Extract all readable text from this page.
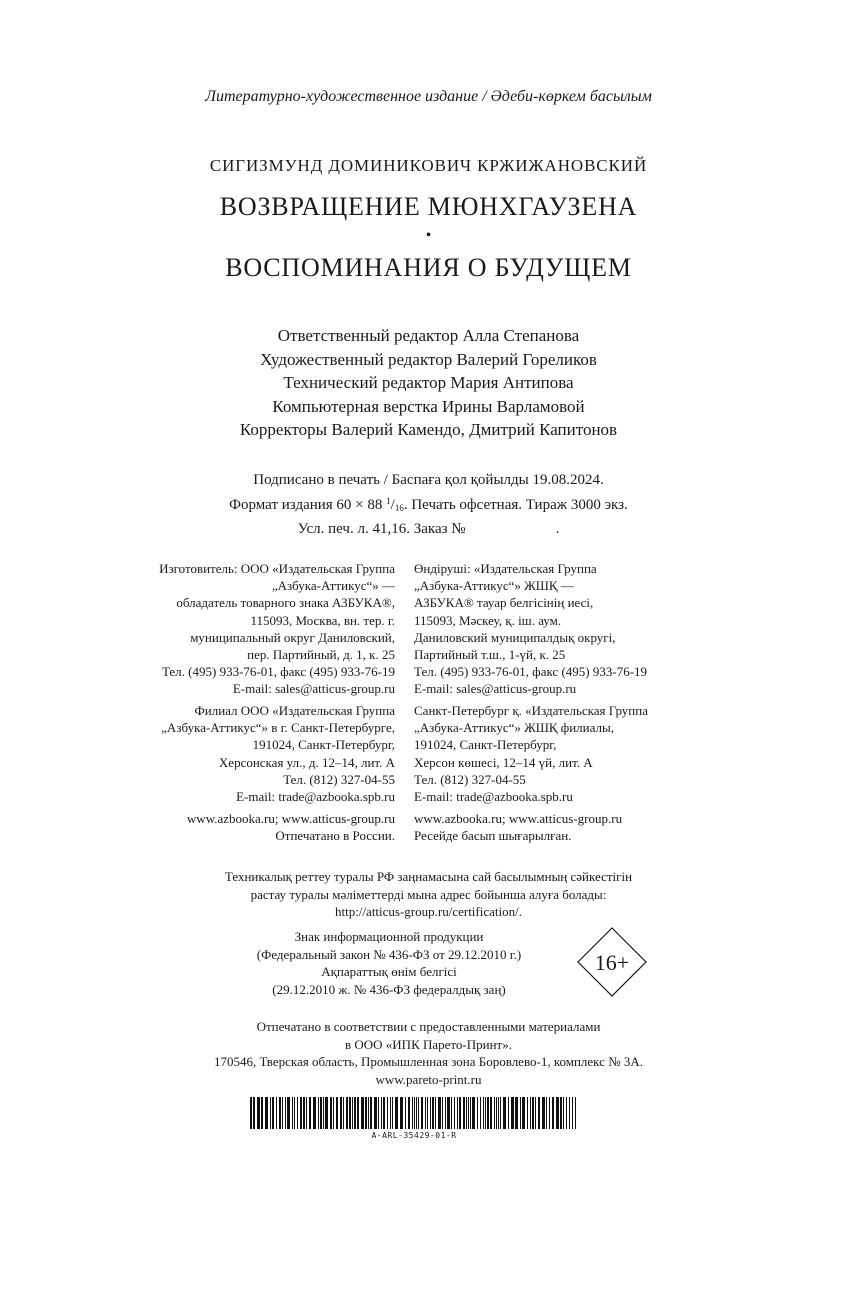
Литературно-художественное издание / Әдеби-көркем басылым
СИГИЗМУНД ДОМИНИКОВИЧ КРЖИЖАНОВСКИЙ
ВОЗВРАЩЕНИЕ МЮНХГАУЗЕНА
•
ВОСПОМИНАНИЯ О БУДУЩЕМ
Ответственный редактор Алла Степанова
Художественный редактор Валерий Гореликов
Технический редактор Мария Антипова
Компьютерная верстка Ирины Варламовой
Корректоры Валерий Камендо, Дмитрий Капитонов
Подписано в печать / Баспаға қол қойылды 19.08.2024.
Формат издания 60 × 88 $^1/_{16}$. Печать офсетная. Тираж 3000 экз.
Усл. печ. л. 41,16. Заказ №	.
Изготовитель: ООО «Издательская Группа
„Азбука-Аттикус“» —
обладатель товарного знака АЗБУКА®,
115093, Москва, вн. тер. г.
муниципальный округ Даниловский,
пер. Партийный, д. 1, к. 25
Тел. (495) 933-76-01, факс (495) 933-76-19
E-mail: sales@atticus-group.ru
Өндіруші: «Издательская Группа
„Азбука-Аттикус“» ЖШҚ —
АЗБУКА® тауар белгісінің иесі,
115093, Мәскеу, қ. іш. аум.
Даниловский муниципалдық округі,
Партийный т.ш., 1-үй, к. 25
Тел. (495) 933-76-01, факс (495) 933-76-19
E-mail: sales@atticus-group.ru
Филиал ООО «Издательская Группа
„Азбука-Аттикус“» в г. Санкт-Петербурге,
191024, Санкт-Петербург,
Херсонская ул., д. 12–14, лит. А
Тел. (812) 327-04-55
E-mail: trade@azbooka.spb.ru
Санкт-Петербург қ. «Издательская Группа
„Азбука-Аттикус“» ЖШҚ филиалы,
191024, Санкт-Петербург,
Херсон көшесі, 12–14 үй, лит. А
Тел. (812) 327-04-55
E-mail: trade@azbooka.spb.ru
www.azbooka.ru; www.atticus-group.ru
Отпечатано в России.
www.azbooka.ru; www.atticus-group.ru
Ресейде басып шығарылған.
Техникалық реттеу туралы РФ заңнамасына сай басылымның сәйкестігін
растау туралы мәліметтерді мына адрес бойынша алуға болады:
http://atticus-group.ru/certification/.
Знак информационной продукции
(Федеральный закон № 436-ФЗ от 29.12.2010 г.)
Ақпараттық өнім белгісі
(29.12.2010 ж. № 436-ФЗ федералдық заң)
16+
Отпечатано в соответствии с предоставленными материалами
в ООО «ИПК Парето-Принт».
170546, Тверская область, Промышленная зона Боровлево-1, комплекс № 3А.
www.pareto-print.ru
A-ARL-35429-01-R
